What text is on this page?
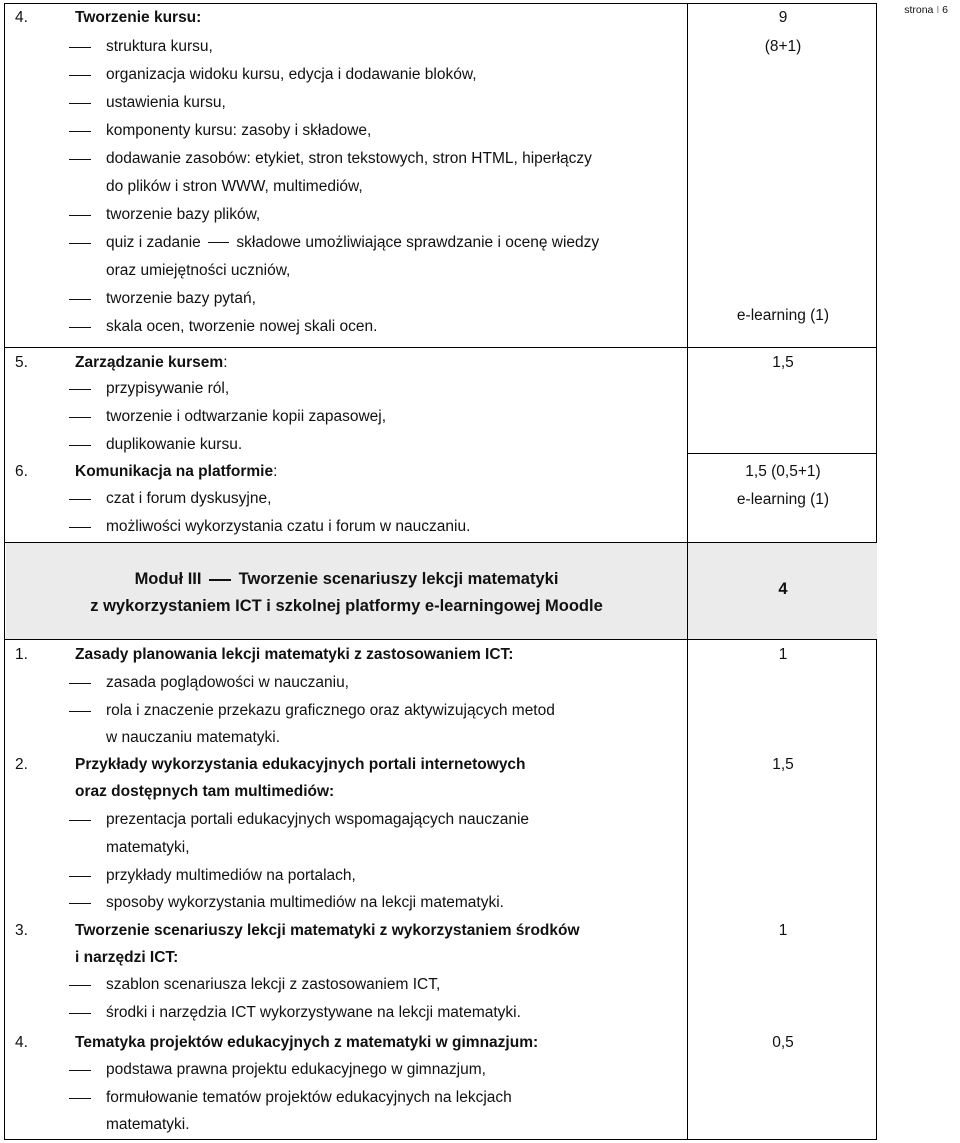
strona I 6
4.	Tworzenie kursu:
struktura kursu,
organizacja widoku kursu, edycja i dodawanie bloków,
ustawienia kursu,
komponenty kursu: zasoby i składowe,
dodawanie zasobów: etykiet, stron tekstowych, stron HTML, hiperłączy
do plików i stron WWW, multimediów,
tworzenie bazy plików,
quiz i zadanie składowe umożliwiające sprawdzanie i ocenę wiedzy
oraz umiejętności uczniów,
tworzenie bazy pytań,
skala ocen, tworzenie nowej skali ocen.
9
(8+1)
e-learning (1)
5.	Zarządzanie kursem:
przypisywanie ról,
tworzenie i odtwarzanie kopii zapasowej,
duplikowanie kursu.
1,5
6.	Komunikacja na platformie:
czat i forum dyskusyjne,
możliwości wykorzystania czatu i forum w nauczaniu.
1,5 (0,5+1)
e-learning (1)
Moduł III Tworzenie scenariuszy lekcji matematyki
z wykorzystaniem ICT i szkolnej platformy e-learningowej Moodle
4
1.	Zasady planowania lekcji matematyki z zastosowaniem ICT:
zasada poglądowości w nauczaniu,
rola i znaczenie przekazu graficznego oraz aktywizujących metod
w nauczaniu matematyki.
1
2.	Przykłady wykorzystania edukacyjnych portali internetowych
oraz dostępnych tam multimediów:
prezentacja portali edukacyjnych wspomagających nauczanie
matematyki,
przykłady multimediów na portalach,
sposoby wykorzystania multimediów na lekcji matematyki.
1,5
3.	Tworzenie scenariuszy lekcji matematyki z wykorzystaniem środków
i narzędzi ICT:
szablon scenariusza lekcji z zastosowaniem ICT,
środki i narzędzia ICT wykorzystywane na lekcji matematyki.
1
4.	Tematyka projektów edukacyjnych z matematyki w gimnazjum:
podstawa prawna projektu edukacyjnego w gimnazjum,
formułowanie tematów projektów edukacyjnych na lekcjach
matematyki.
0,5
